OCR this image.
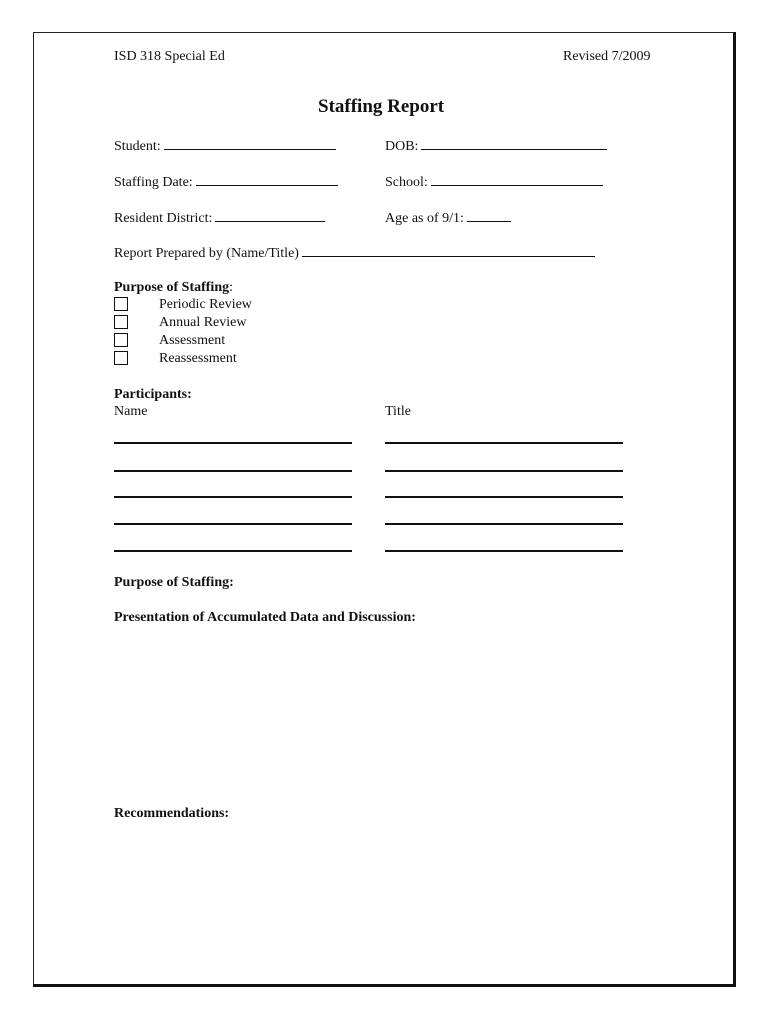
ISD 318 Special Ed	Revised 7/2009
Staffing Report
Student:	DOB:
Staffing Date:	School:
Resident District:	Age as of 9/1:
Report Prepared by (Name/Title)
Purpose of Staffing:
Periodic Review
Annual Review
Assessment
Reassessment
Participants:
Name	Title
Purpose of Staffing:
Presentation of Accumulated Data and Discussion:
Recommendations:
